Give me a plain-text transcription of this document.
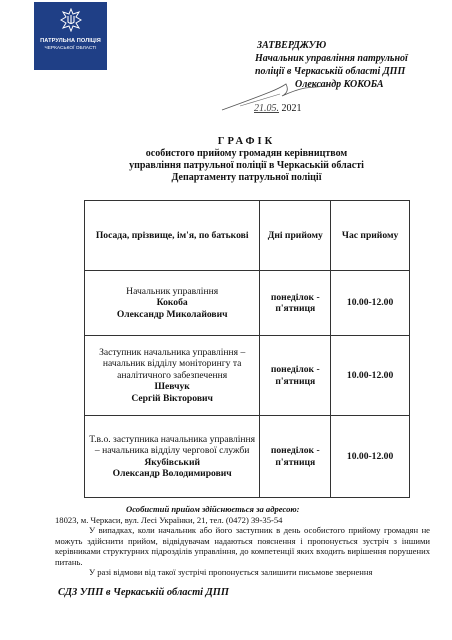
ПАТРУЛЬНА ПОЛІЦІЯ
ЧЕРКАСЬКОЇ ОБЛАСТІ	ЗАТВЕРДЖУЮ
Начальник управління патрульної
поліції в Черкаській області ДПП
Олександр КОКОБА
21.05. 2021
ГРАФІК
особистого прийому громадян керівництвом
управління патрульної поліції в Черкаській області
Департаменту патрульної поліції
Посада, прізвище, ім'я, по батькові	Дні прийому	Час прийому

Начальник управління
Кокоба
Олександр Миколайович	понеділок - п'ятниця	10.00-12.00

Заступник начальника управління – начальник відділу моніторингу та аналітичного забезпечення
Шевчук
Сергій Вікторович	понеділок - п'ятниця	10.00-12.00

Т.в.о. заступника начальника управління – начальника відділу чергової служби
Якубівський
Олександр Володимирович	понеділок - п'ятниця	10.00-12.00
Особистий прийом здійснюється за адресою:

18023, м. Черкаси, вул. Лесі Українки, 21, тел. (0472) 39-35-54

У випадках, коли начальник або його заступник в день особистого прийому громадян не можуть здійснити прийом, відвідувачам надаються пояснення і пропонується зустріч з іншими керівниками структурних підрозділів управління, до компетенції яких входить вирішення порушених питань.

У разі відмови від такої зустрічі пропонується залишити письмове звернення

СДЗ УПП в Черкаській області ДПП
